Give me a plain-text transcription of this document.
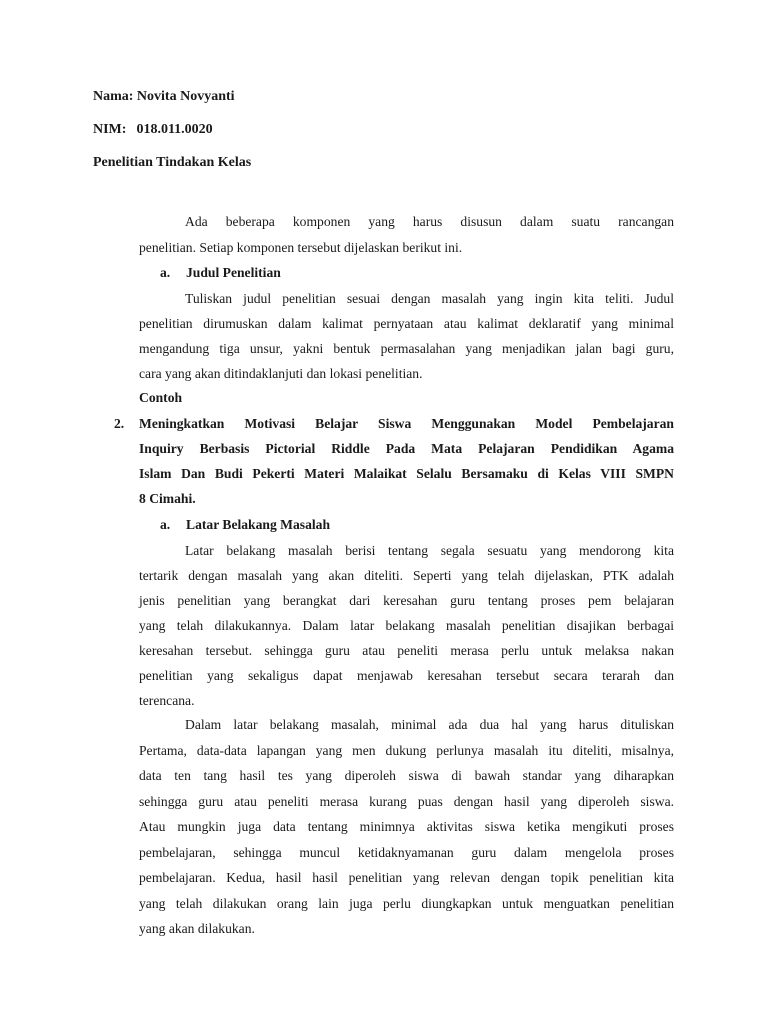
Nama: Novita Novyanti
NIM: 018.011.0020
Penelitian Tindakan Kelas
Ada beberapa komponen yang harus disusun dalam suatu rancangan
penelitian. Setiap komponen tersebut dijelaskan berikut ini.
a. Judul Penelitian
Tuliskan judul penelitian sesuai dengan masalah yang ingin kita teliti. Judul
penelitian dirumuskan dalam kalimat pernyataan atau kalimat deklaratif yang minimal
mengandung tiga unsur, yakni bentuk permasalahan yang menjadikan jalan bagi guru,
cara yang akan ditindaklanjuti dan lokasi penelitian.
Contoh
2. Meningkatkan Motivasi Belajar Siswa Menggunakan Model Pembelajaran
Inquiry Berbasis Pictorial Riddle Pada Mata Pelajaran Pendidikan Agama
Islam Dan Budi Pekerti Materi Malaikat Selalu Bersamaku di Kelas VIII SMPN
8 Cimahi.
a. Latar Belakang Masalah
Latar belakang masalah berisi tentang segala sesuatu yang mendorong kita
tertarik dengan masalah yang akan diteliti. Seperti yang telah dijelaskan, PTK adalah
jenis penelitian yang berangkat dari keresahan guru tentang proses pem belajaran
yang telah dilakukannya. Dalam latar belakang masalah penelitian disajikan berbagai
keresahan tersebut. sehingga guru atau peneliti merasa perlu untuk melaksa nakan
penelitian yang sekaligus dapat menjawab keresahan tersebut secara terarah dan
terencana.
Dalam latar belakang masalah, minimal ada dua hal yang harus dituliskan
Pertama, data-data lapangan yang men dukung perlunya masalah itu diteliti, misalnya,
data ten tang hasil tes yang diperoleh siswa di bawah standar yang diharapkan
sehingga guru atau peneliti merasa kurang puas dengan hasil yang diperoleh siswa.
Atau mungkin juga data tentang minimnya aktivitas siswa ketika mengikuti proses
pembelajaran, sehingga muncul ketidaknyamanan guru dalam mengelola proses
pembelajaran. Kedua, hasil hasil penelitian yang relevan dengan topik penelitian kita
yang telah dilakukan orang lain juga perlu diungkapkan untuk menguatkan penelitian
yang akan dilakukan.
